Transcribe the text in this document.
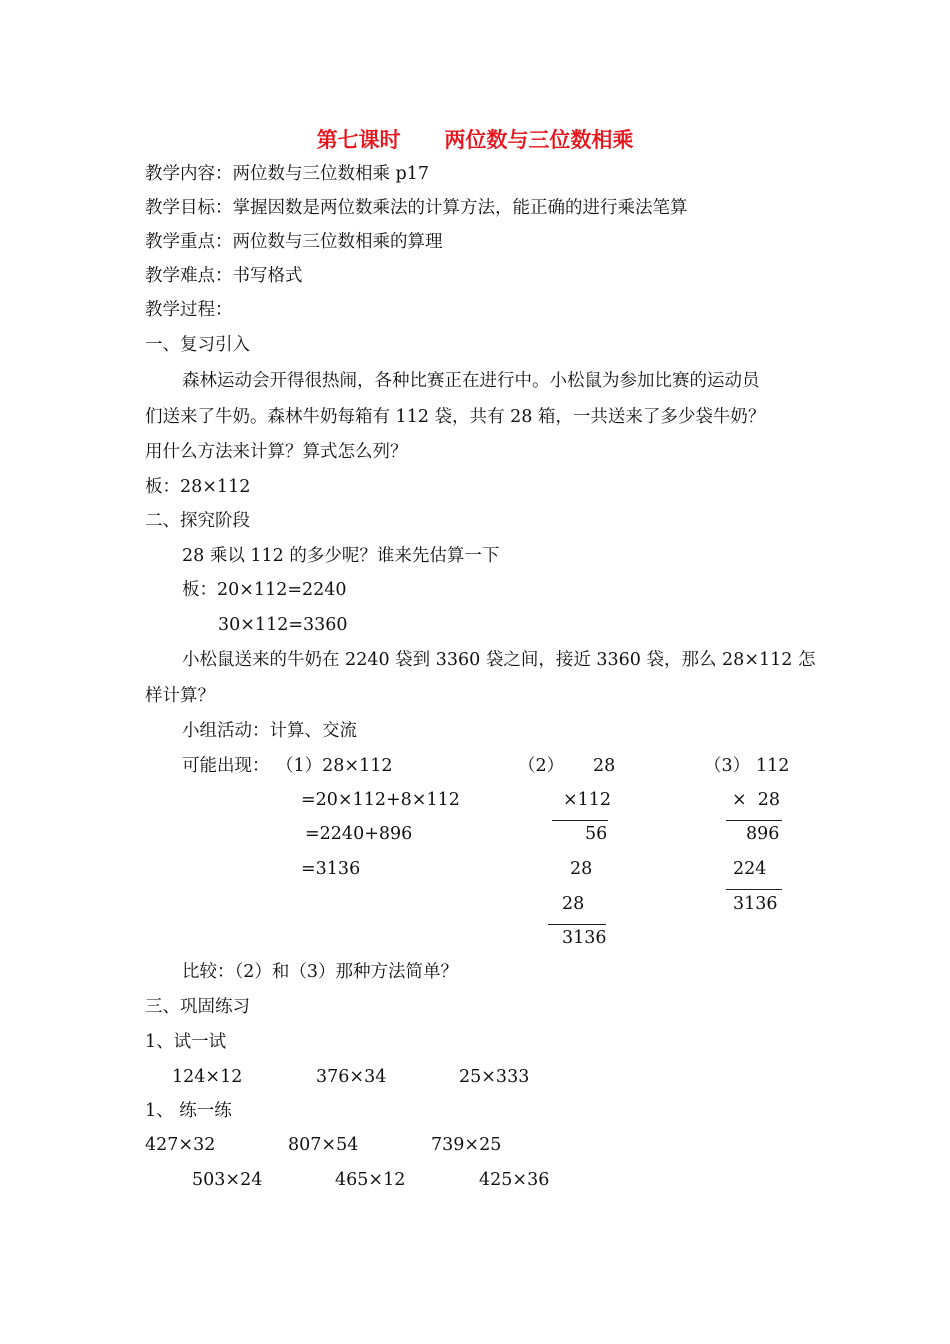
第七课时      两位数与三位数相乘
教学内容：两位数与三位数相乘 p17
教学目标：掌握因数是两位数乘法的计算方法，能正确的进行乘法笔算
教学重点：两位数与三位数相乘的算理
教学难点：书写格式
教学过程：
一、复习引入
森林运动会开得很热闹，各种比赛正在进行中。小松鼠为参加比赛的运动员
们送来了牛奶。森林牛奶每箱有 112 袋，共有 28 箱，一共送来了多少袋牛奶？
用什么方法来计算？算式怎么列？
板：28×112
二、探究阶段
28 乘以 112 的多少呢？谁来先估算一下
板：20×112=2240
30×112=3360
小松鼠送来的牛奶在 2240 袋到 3360 袋之间，接近 3360 袋，那么 28×112 怎
样计算？
小组活动：计算、交流
可能出现： （1）28×112
=20×112+8×112
=2240+896
=3136
（2） 28
×112
56
28
28
3136
（3） 112
×  28
896
224
3136
比较：（2）和（3）那种方法简单？
三、巩固练习
1、试一试
124×12	376×34	25×333
1、 练一练
427×32	807×54	739×25
503×24	465×12	425×36
